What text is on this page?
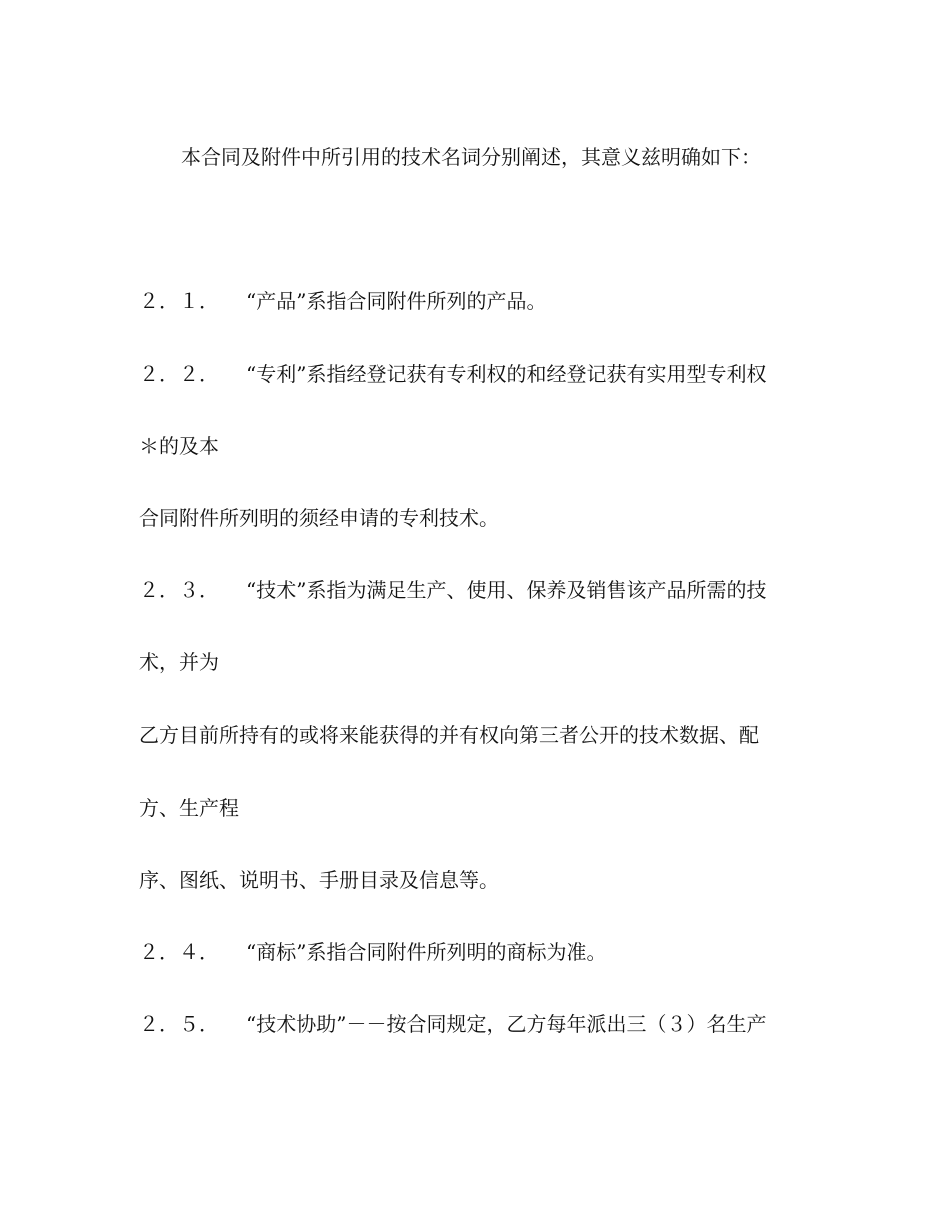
本合同及附件中所引用的技术名词分别阐述，其意义兹明确如下：
２．１． “产品”系指合同附件所列的产品。
２．２． “专利”系指经登记获有专利权的和经登记获有实用型专利权
＊的及本
合同附件所列明的须经申请的专利技术。
２．３． “技术”系指为满足生产、使用、保养及销售该产品所需的技
术，并为
乙方目前所持有的或将来能获得的并有权向第三者公开的技术数据、配
方、生产程
序、图纸、说明书、手册目录及信息等。
２．４． “商标”系指合同附件所列明的商标为准。
２．５． “技术协助”－－按合同规定，乙方每年派出三（３）名生产
